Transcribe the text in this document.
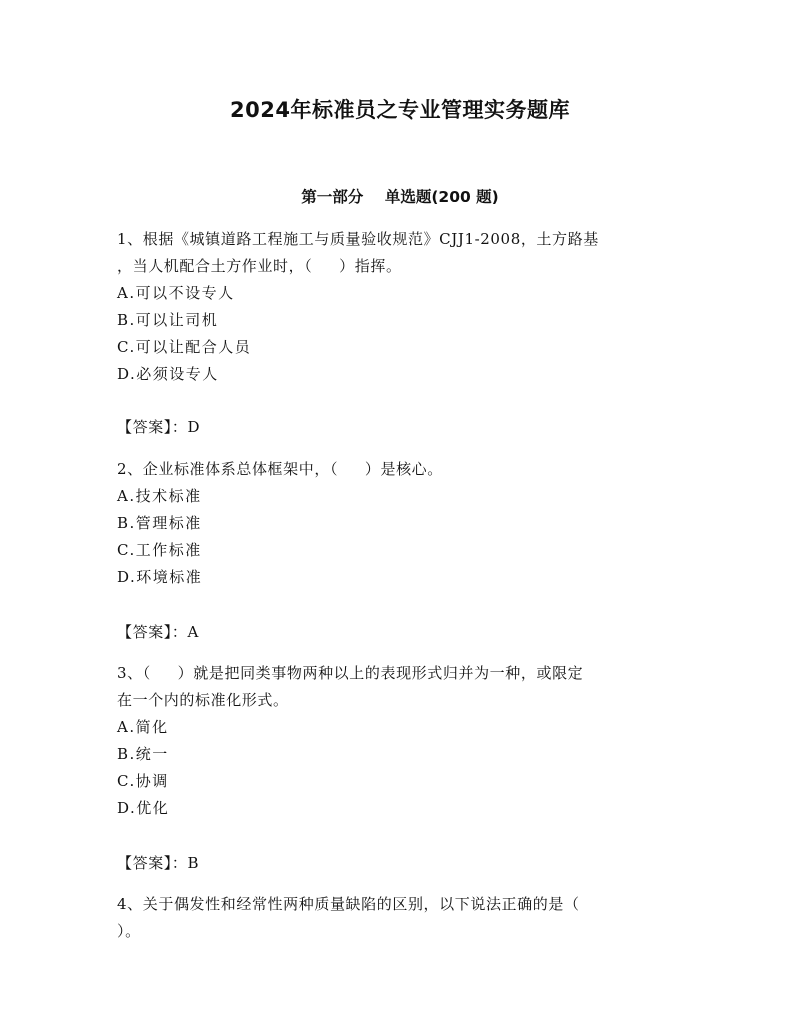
2024年标准员之专业管理实务题库
第一部分    单选题(200 题)
1、根据《城镇道路工程施工与质量验收规范》CJJ1-2008，土方路基
，当人机配合土方作业时，（     ）指挥。
A.可以不设专人
B.可以让司机
C.可以让配合人员
D.必须设专人
【答案】：D
2、企业标准体系总体框架中，（     ）是核心。
A.技术标准
B.管理标准
C.工作标准
D.环境标准
【答案】：A
3、（     ）就是把同类事物两种以上的表现形式归并为一种，或限定
在一个内的标准化形式。
A.简化
B.统一
C.协调
D.优化
【答案】：B
4、关于偶发性和经常性两种质量缺陷的区别，以下说法正确的是（
）。
